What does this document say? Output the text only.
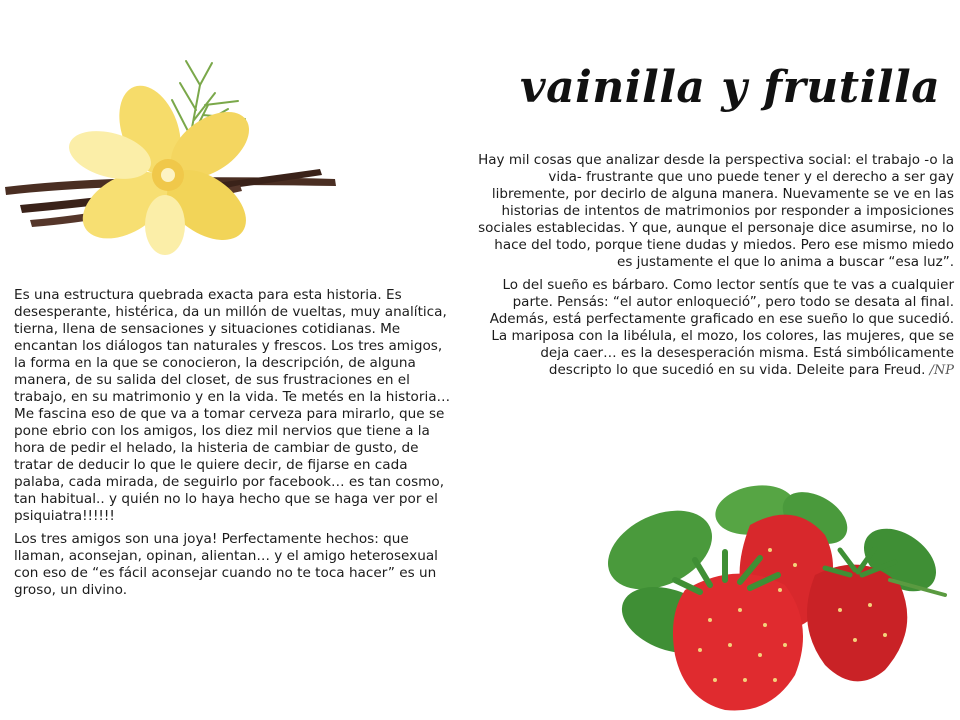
vainilla y frutilla

Hay mil cosas que analizar desde la perspectiva social: el trabajo -o la vida- frustrante que uno puede tener y el derecho a ser gay libremente, por decirlo de alguna manera. Nuevamente se ve en las historias de intentos de matrimonios por responder a imposiciones sociales establecidas. Y que, aunque el personaje dice asumirse, no lo hace del todo, porque tiene dudas y miedos. Pero ese mismo miedo es justamente el que lo anima a buscar “esa luz”.

Lo del sueño es bárbaro. Como lector sentís que te vas a cualquier parte. Pensás: “el autor enloqueció”, pero todo se desata al final. Además, está perfectamente graficado en ese sueño lo que sucedió. La mariposa con la libélula, el mozo, los colores, las mujeres, que se deja caer… es la desesperación misma. Está simbólicamente descripto lo que sucedió en su vida. Deleite para Freud. /NP

Es una estructura quebrada exacta para esta historia. Es desesperante, histérica, da un millón de vueltas, muy analítica, tierna, llena de sensaciones y situaciones cotidianas. Me encantan los diálogos tan naturales y frescos. Los tres amigos, la forma en la que se conocieron, la descripción, de alguna manera, de su salida del closet, de sus frustraciones en el trabajo, en su matrimonio y en la vida. Te metés en la historia… Me fascina eso de que va a tomar cerveza para mirarlo, que se pone ebrio con los amigos, los diez mil nervios que tiene a la hora de pedir el helado, la histeria de cambiar de gusto, de tratar de deducir lo que le quiere decir, de fijarse en cada palaba, cada mirada, de seguirlo por facebook… es tan cosmo, tan habitual.. y quién no lo haya hecho que se haga ver por el psiquiatra!!!!!!

Los tres amigos son una joya! Perfectamente hechos: que llaman, aconsejan, opinan, alientan… y el amigo heterosexual con eso de “es fácil aconsejar cuando no te toca hacer” es un groso, un divino.
